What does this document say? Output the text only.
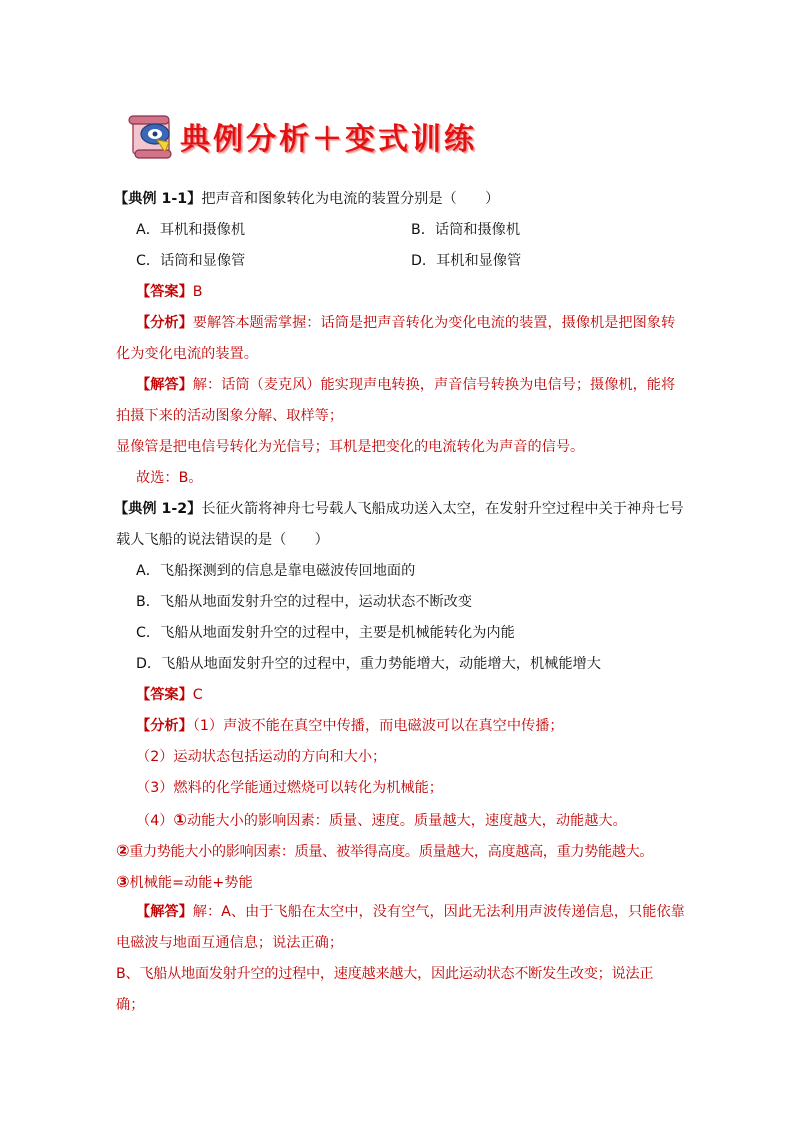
典例分析＋变式训练
【典例 1-1】把声音和图象转化为电流的装置分别是（　　）
A．耳机和摄像机	B．话筒和摄像机
C．话筒和显像管	D．耳机和显像管
【答案】B
【分析】要解答本题需掌握：话筒是把声音转化为变化电流的装置，摄像机是把图象转
化为变化电流的装置。
【解答】解：话筒（麦克风）能实现声电转换，声音信号转换为电信号；摄像机，能将
拍摄下来的活动图象分解、取样等；
显像管是把电信号转化为光信号；耳机是把变化的电流转化为声音的信号。
故选：B。
【典例 1-2】长征火箭将神舟七号载人飞船成功送入太空，在发射升空过程中关于神舟七号
载人飞船的说法错误的是（　　）
A．飞船探测到的信息是靠电磁波传回地面的
B．飞船从地面发射升空的过程中，运动状态不断改变
C．飞船从地面发射升空的过程中，主要是机械能转化为内能
D．飞船从地面发射升空的过程中，重力势能增大，动能增大，机械能增大
【答案】C
【分析】（1）声波不能在真空中传播，而电磁波可以在真空中传播；
（2）运动状态包括运动的方向和大小；
（3）燃料的化学能通过燃烧可以转化为机械能；
（4）①动能大小的影响因素：质量、速度。质量越大，速度越大，动能越大。
②重力势能大小的影响因素：质量、被举得高度。质量越大，高度越高，重力势能越大。
③机械能=动能+势能
【解答】解：A、由于飞船在太空中，没有空气，因此无法利用声波传递信息，只能依靠
电磁波与地面互通信息；说法正确；
B、飞船从地面发射升空的过程中，速度越来越大，因此运动状态不断发生改变；说法正
确；
